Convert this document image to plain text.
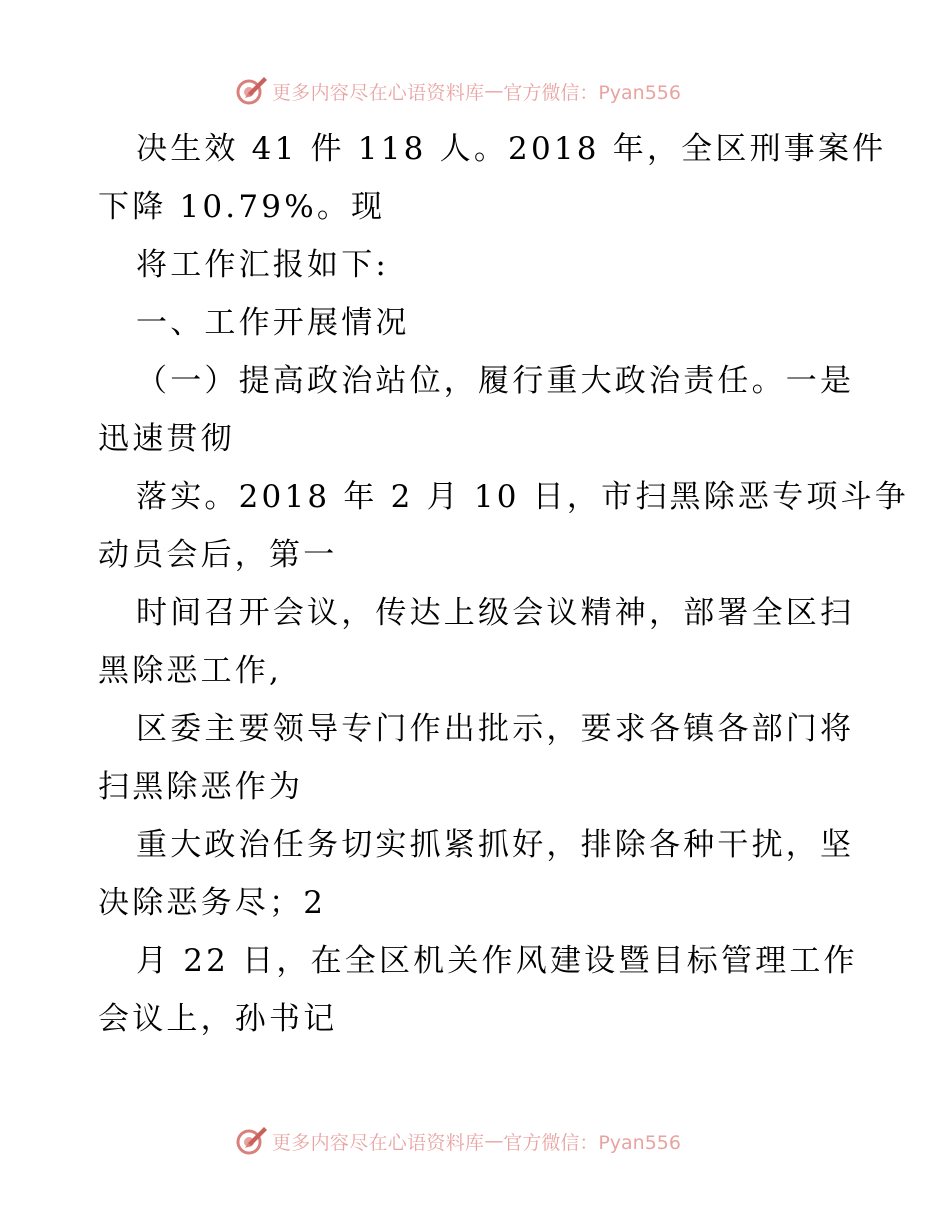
更多内容尽在心语资料库 — 官方微信：Pyan556
决生效 41 件 118 人。2018 年，全区刑事案件
下降 10.79%。现
将工作汇报如下:
一、工作开展情况
（一）提高政治站位，履行重大政治责任。一是
迅速贯彻
落实。2018 年 2 月 10 日，市扫黑除恶专项斗争
动员会后，第一
时间召开会议，传达上级会议精神，部署全区扫
黑除恶工作,
区委主要领导专门作出批示，要求各镇各部门将
扫黑除恶作为
重大政治任务切实抓紧抓好，排除各种干扰，坚
决除恶务尽；2
月 22 日，在全区机关作风建设暨目标管理工作
会议上，孙书记
更多内容尽在心语资料库 — 官方微信：Pyan556
